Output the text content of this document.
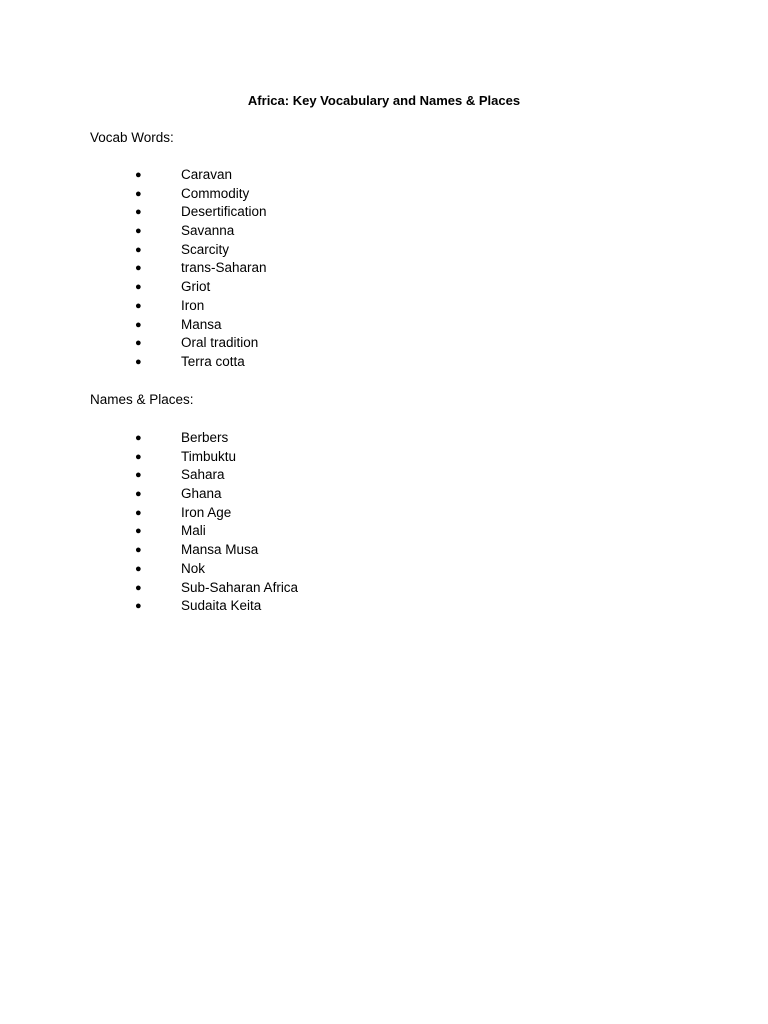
Africa: Key Vocabulary and Names & Places
Vocab Words:
●	Caravan
●	Commodity
●	Desertification
●	Savanna
●	Scarcity
●	trans-Saharan
●	Griot
●	Iron
●	Mansa
●	Oral tradition
●	Terra cotta
Names & Places:
●	Berbers
●	Timbuktu
●	Sahara
●	Ghana
●	Iron Age
●	Mali
●	Mansa Musa
●	Nok
●	Sub-Saharan Africa
●	Sudaita Keita
